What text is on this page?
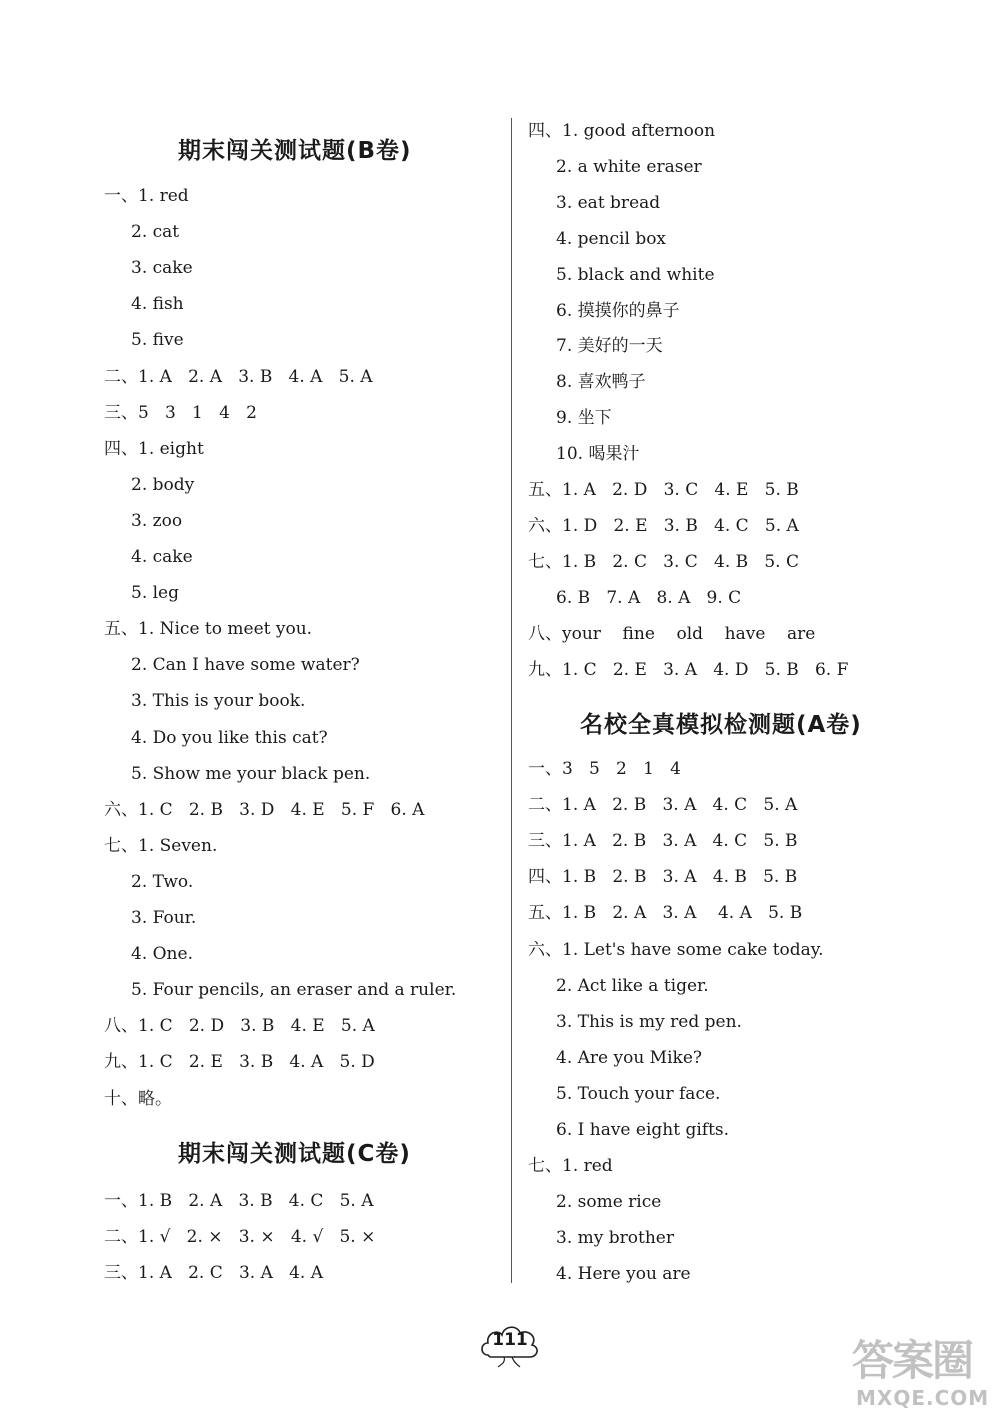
期末闯关测试题(B卷)
一、1. red
2. cat
3. cake
4. fish
5. five
二、1. A   2. A   3. B   4. A   5. A
三、5   3   1   4   2
四、1. eight
2. body
3. zoo
4. cake
5. leg
五、1. Nice to meet you.
2. Can I have some water?
3. This is your book.
4. Do you like this cat?
5. Show me your black pen.
六、1. C   2. B   3. D   4. E   5. F   6. A
七、1. Seven.
2. Two.
3. Four.
4. One.
5. Four pencils, an eraser and a ruler.
八、1. C   2. D   3. B   4. E   5. A
九、1. C   2. E   3. B   4. A   5. D
十、略。
期末闯关测试题(C卷)
一、1. B   2. A   3. B   4. C   5. A
二、1. √   2. ×   3. ×   4. √   5. ×
三、1. A   2. C   3. A   4. A
四、1. good afternoon
2. a white eraser
3. eat bread
4. pencil box
5. black and white
6. 摸摸你的鼻子
7. 美好的一天
8. 喜欢鸭子
9. 坐下
10. 喝果汁
五、1. A   2. D   3. C   4. E   5. B
六、1. D   2. E   3. B   4. C   5. A
七、1. B   2. C   3. C   4. B   5. C
6. B   7. A   8. A   9. C
八、your    fine    old    have    are
九、1. C   2. E   3. A   4. D   5. B   6. F
名校全真模拟检测题(A卷)
一、3   5   2   1   4
二、1. A   2. B   3. A   4. C   5. A
三、1. A   2. B   3. A   4. C   5. B
四、1. B   2. B   3. A   4. B   5. B
五、1. B   2. A   3. A    4. A   5. B
六、1. Let's have some cake today.
2. Act like a tiger.
3. This is my red pen.
4. Are you Mike?
5. Touch your face.
6. I have eight gifts.
七、1. red
2. some rice
3. my brother
4. Here you are
111	答案圈
MXQE.COM
